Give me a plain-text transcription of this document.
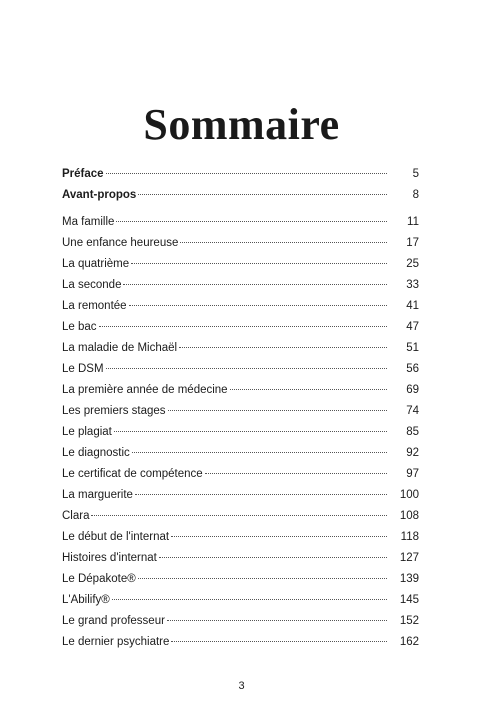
Sommaire
Préface	5
Avant-propos	8
Ma famille	11
Une enfance heureuse	17
La quatrième	25
La seconde	33
La remontée	41
Le bac	47
La maladie de Michaël	51
Le DSM	56
La première année de médecine	69
Les premiers stages	74
Le plagiat	85
Le diagnostic	92
Le certificat de compétence	97
La marguerite	100
Clara	108
Le début de l'internat	118
Histoires d'internat	127
Le Dépakote®	139
L'Abilify®	145
Le grand professeur	152
Le dernier psychiatre	162
3
